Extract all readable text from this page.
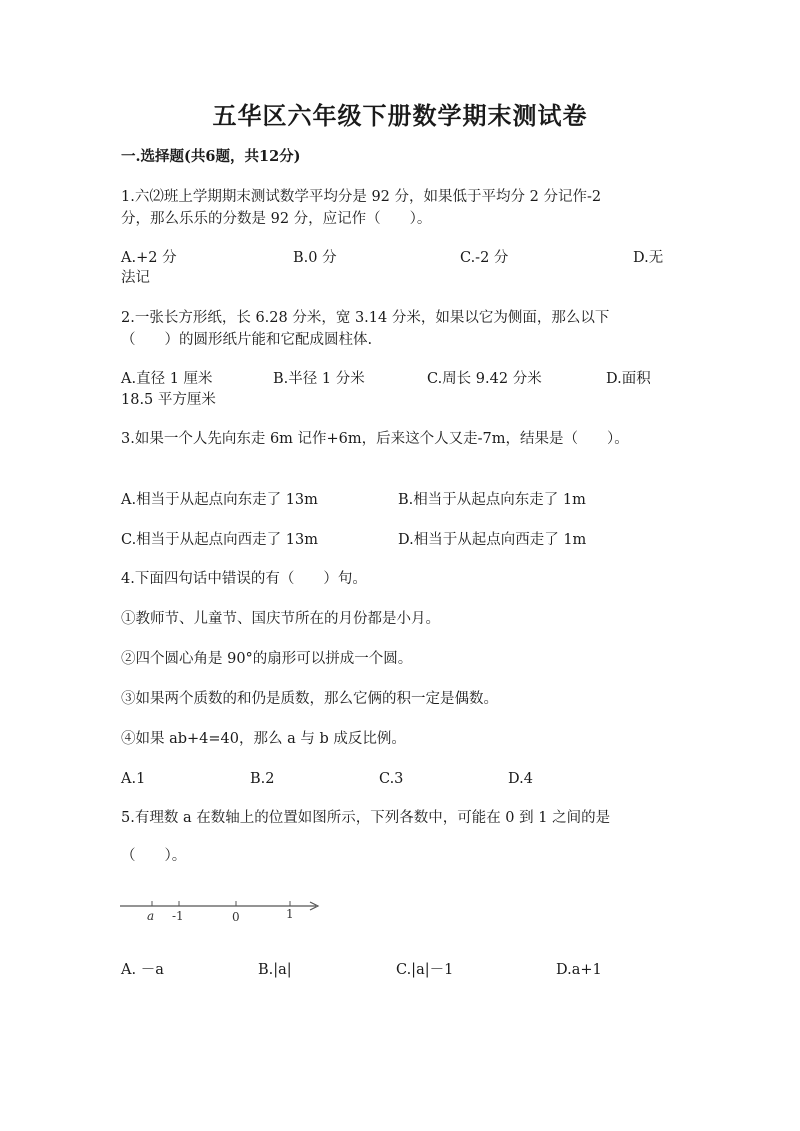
五华区六年级下册数学期末测试卷
一.选择题(共6题，共12分)
1.六⑵班上学期期末测试数学平均分是 92 分，如果低于平均分 2 分记作-2
分，那么乐乐的分数是 92 分，应记作（　　）。
A.+2 分	B.0 分	C.-2 分	D.无
法记
2.一张长方形纸，长 6.28 分米，宽 3.14 分米，如果以它为侧面，那么以下
（　　）的圆形纸片能和它配成圆柱体.
A.直径 1 厘米	B.半径 1 分米	C.周长 9.42 分米	D.面积
18.5 平方厘米
3.如果一个人先向东走 6m 记作+6m，后来这个人又走-7m，结果是（　　）。
A.相当于从起点向东走了 13m	B.相当于从起点向东走了 1m
C.相当于从起点向西走了 13m	D.相当于从起点向西走了 1m
4.下面四句话中错误的有（　　）句。
①教师节、儿童节、国庆节所在的月份都是小月。
②四个圆心角是 90°的扇形可以拼成一个圆。
③如果两个质数的和仍是质数，那么它俩的积一定是偶数。
④如果 ab+4=40，那么 a 与 b 成反比例。
A.1	B.2	C.3	D.4
5.有理数 a 在数轴上的位置如图所示，下列各数中，可能在 0 到 1 之间的是
（　　）。
a -1	0	1
A. －a	B.|a|	C.|a|－1	D.a+1
